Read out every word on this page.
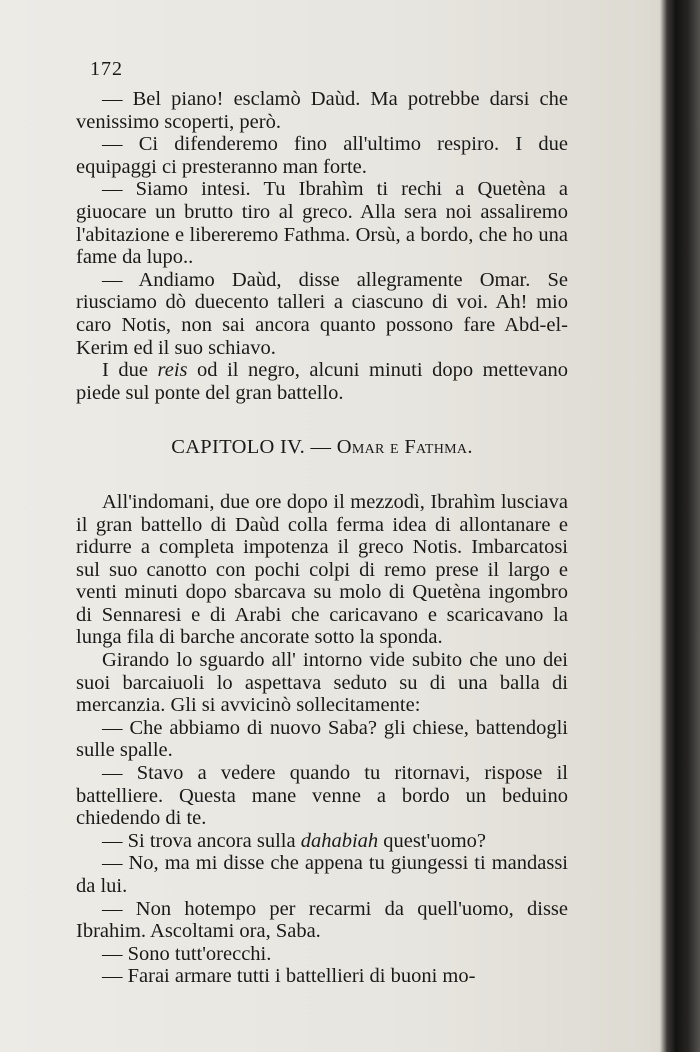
172

— Bel piano! esclamò Daùd. Ma potrebbe darsi che venissimo scoperti, però.

— Ci difenderemo fino all'ultimo respiro. I due equipaggi ci presteranno man forte.

— Siamo intesi. Tu Ibrahìm ti rechi a Quetèna a giuocare un brutto tiro al greco. Alla sera noi assaliremo l'abitazione e libereremo Fathma. Orsù, a bordo, che ho una fame da lupo..

— Andiamo Daùd, disse allegramente Omar. Se riusciamo dò duecento talleri a ciascuno di voi. Ah! mio caro Notis, non sai ancora quanto possono fare Abd-el-Kerim ed il suo schiavo.

I due reis od il negro, alcuni minuti dopo mettevano piede sul ponte del gran battello.

CAPITOLO IV. — Omar e Fathma.

All'indomani, due ore dopo il mezzodì, Ibrahìm lusciava il gran battello di Daùd colla ferma idea di allontanare e ridurre a completa impotenza il greco Notis. Imbarcatosi sul suo canotto con pochi colpi di remo prese il largo e venti minuti dopo sbarcava su molo di Quetèna ingombro di Sennaresi e di Arabi che caricavano e scaricavano la lunga fila di barche ancorate sotto la sponda.

Girando lo sguardo all' intorno vide subito che uno dei suoi barcaiuoli lo aspettava seduto su di una balla di mercanzia. Gli si avvicinò sollecitamente:

— Che abbiamo di nuovo Saba? gli chiese, battendogli sulle spalle.

— Stavo a vedere quando tu ritornavi, rispose il battelliere. Questa mane venne a bordo un beduino chiedendo di te.

— Si trova ancora sulla dahabiah quest'uomo?

— No, ma mi disse che appena tu giungessi ti mandassi da lui.

— Non hotempo per recarmi da quell'uomo, disse Ibrahim. Ascoltami ora, Saba.

— Sono tutt'orecchi.

— Farai armare tutti i battellieri di buoni mo-
